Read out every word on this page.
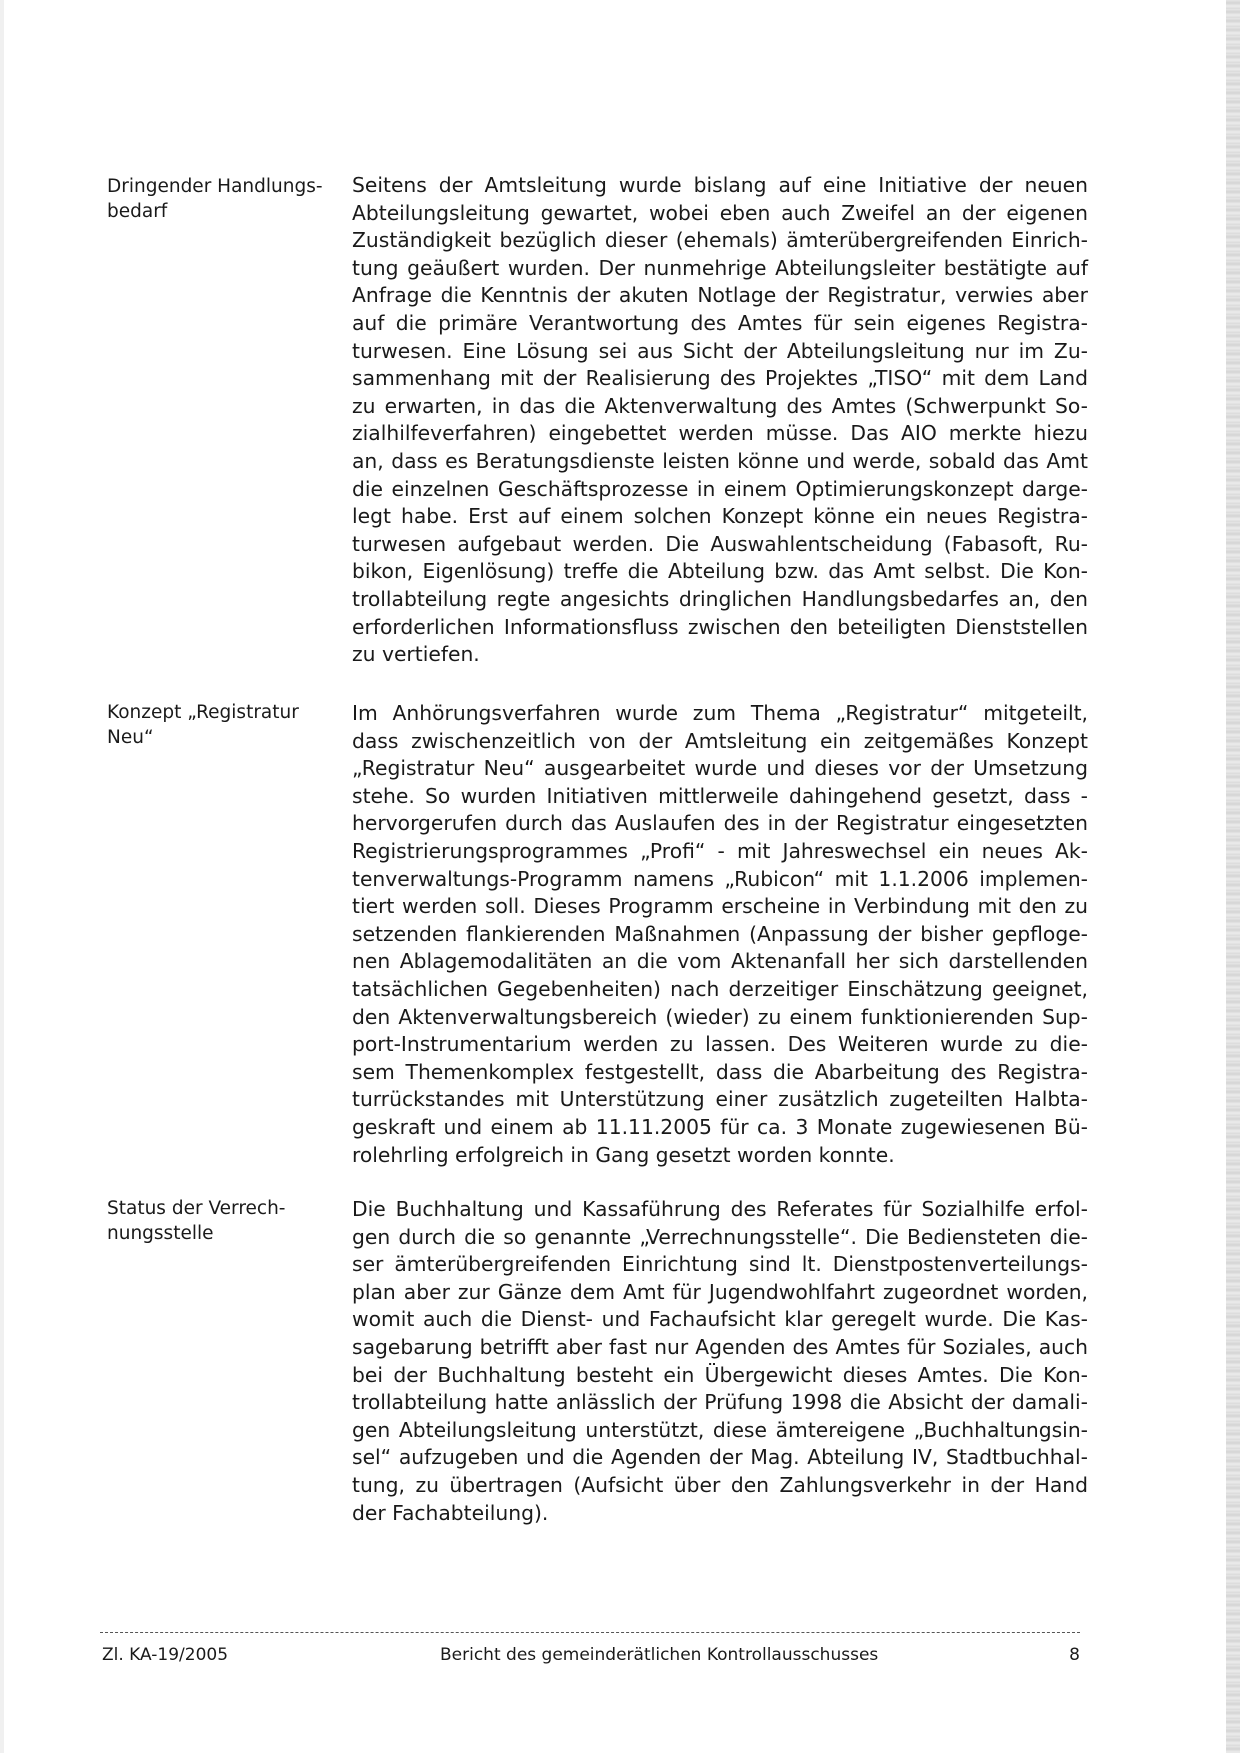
Dringender Handlungs-
bedarf
Seitens der Amtsleitung wurde bislang auf eine Initiative der neuen
Abteilungsleitung gewartet, wobei eben auch Zweifel an der eigenen
Zuständigkeit bezüglich dieser (ehemals) ämterübergreifenden Einrich-
tung geäußert wurden. Der nunmehrige Abteilungsleiter bestätigte auf
Anfrage die Kenntnis der akuten Notlage der Registratur, verwies aber
auf die primäre Verantwortung des Amtes für sein eigenes Registra-
turwesen. Eine Lösung sei aus Sicht der Abteilungsleitung nur im Zu-
sammenhang mit der Realisierung des Projektes „TISO“ mit dem Land
zu erwarten, in das die Aktenverwaltung des Amtes (Schwerpunkt So-
zialhilfeverfahren) eingebettet werden müsse. Das AIO merkte hiezu
an, dass es Beratungsdienste leisten könne und werde, sobald das Amt
die einzelnen Geschäftsprozesse in einem Optimierungskonzept darge-
legt habe. Erst auf einem solchen Konzept könne ein neues Registra-
turwesen aufgebaut werden. Die Auswahlentscheidung (Fabasoft, Ru-
bikon, Eigenlösung) treffe die Abteilung bzw. das Amt selbst. Die Kon-
trollabteilung regte angesichts dringlichen Handlungsbedarfes an, den
erforderlichen Informationsfluss zwischen den beteiligten Dienststellen
zu vertiefen.
Konzept „Registratur
Neu“
Im Anhörungsverfahren wurde zum Thema „Registratur“ mitgeteilt,
dass zwischenzeitlich von der Amtsleitung ein zeitgemäßes Konzept
„Registratur Neu“ ausgearbeitet wurde und dieses vor der Umsetzung
stehe. So wurden Initiativen mittlerweile dahingehend gesetzt, dass -
hervorgerufen durch das Auslaufen des in der Registratur eingesetzten
Registrierungsprogrammes „Profi“ - mit Jahreswechsel ein neues Ak-
tenverwaltungs-Programm namens „Rubicon“ mit 1.1.2006 implemen-
tiert werden soll. Dieses Programm erscheine in Verbindung mit den zu
setzenden flankierenden Maßnahmen (Anpassung der bisher gepfloge-
nen Ablagemodalitäten an die vom Aktenanfall her sich darstellenden
tatsächlichen Gegebenheiten) nach derzeitiger Einschätzung geeignet,
den Aktenverwaltungsbereich (wieder) zu einem funktionierenden Sup-
port-Instrumentarium werden zu lassen. Des Weiteren wurde zu die-
sem Themenkomplex festgestellt, dass die Abarbeitung des Registra-
turrückstandes mit Unterstützung einer zusätzlich zugeteilten Halbta-
geskraft und einem ab 11.11.2005 für ca. 3 Monate zugewiesenen Bü-
rolehrling erfolgreich in Gang gesetzt worden konnte.
Status der Verrech-
nungsstelle
Die Buchhaltung und Kassaführung des Referates für Sozialhilfe erfol-
gen durch die so genannte „Verrechnungsstelle“. Die Bediensteten die-
ser ämterübergreifenden Einrichtung sind lt. Dienstpostenverteilungs-
plan aber zur Gänze dem Amt für Jugendwohlfahrt zugeordnet worden,
womit auch die Dienst- und Fachaufsicht klar geregelt wurde. Die Kas-
sagebarung betrifft aber fast nur Agenden des Amtes für Soziales, auch
bei der Buchhaltung besteht ein Übergewicht dieses Amtes. Die Kon-
trollabteilung hatte anlässlich der Prüfung 1998 die Absicht der damali-
gen Abteilungsleitung unterstützt, diese ämtereigene „Buchhaltungsin-
sel“ aufzugeben und die Agenden der Mag. Abteilung IV, Stadtbuchhal-
tung, zu übertragen (Aufsicht über den Zahlungsverkehr in der Hand
der Fachabteilung).
Zl. KA-19/2005	Bericht des gemeinderätlichen Kontrollausschusses	8
